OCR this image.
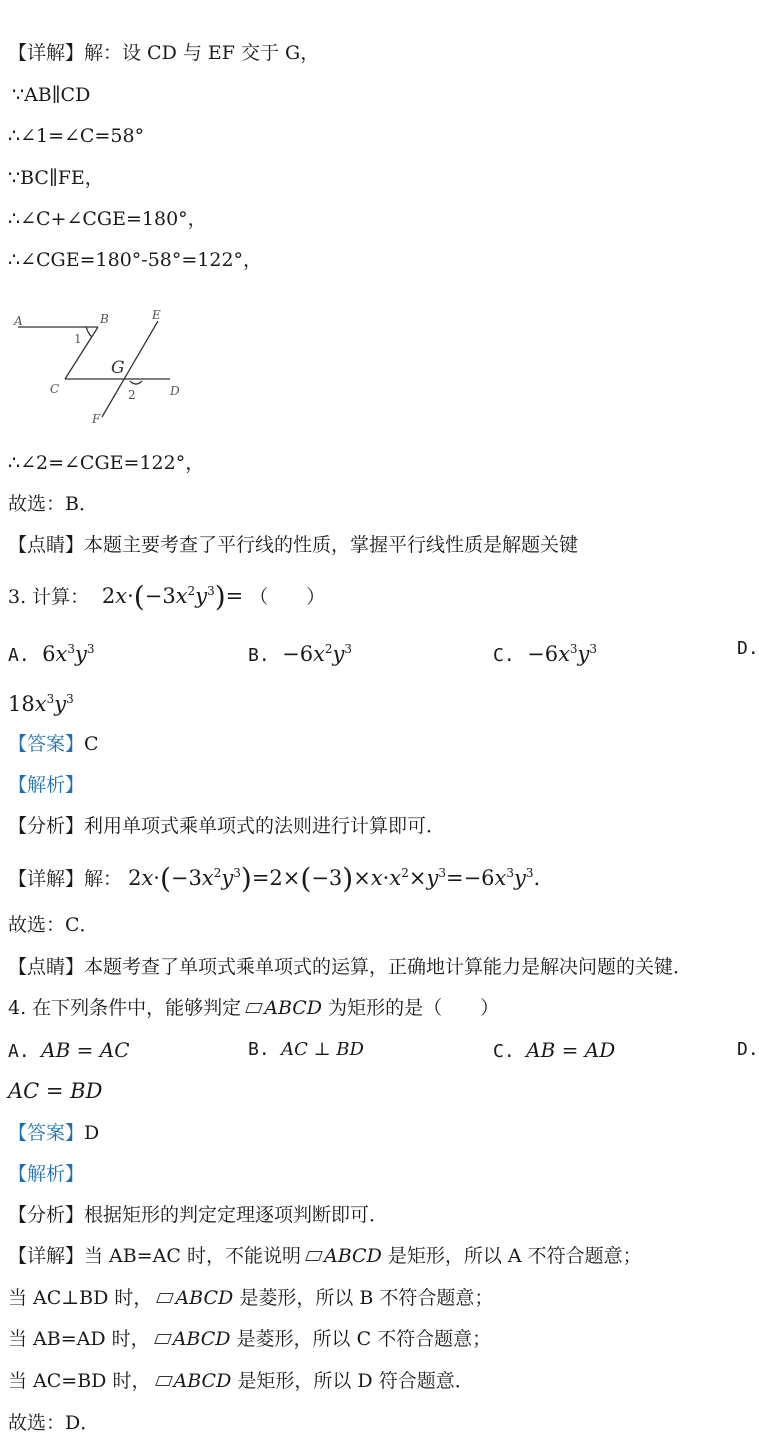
【详解】解：设 CD 与 EF 交于 G，
∵AB∥CD
∴∠1=∠C=58°
∵BC∥FE，
∴∠C+∠CGE=180°，
∴∠CGE=180°-58°=122°，
A	B	E
1
G
C	2	D
F
∴∠2=∠CGE=122°，
故选：B．
【点睛】本题主要考查了平行线的性质，掌握平行线性质是解题关键
3. 计算：  $2x\cdot(-3x^2y^3)=$ （　　）
A.  $6x^3y^3$	B.  $-6x^2y^3$	C.  $-6x^3y^3$	D.
$18x^3y^3$
【答案】C
【解析】
【分析】利用单项式乘单项式的法则进行计算即可．
【详解】解： $2x\cdot(-3x^2y^3)=2\times(-3)\times x\cdot x^2\times y^3=-6x^3y^3$.
故选：C．
【点睛】本题考查了单项式乘单项式的运算，正确地计算能力是解决问题的关键．
4. 在下列条件中，能够判定 ABCD 为矩形的是（　　）
A. AB = AC	B. AC ⊥ BD	C. AB = AD	D.
AC = BD
【答案】D
【解析】
【分析】根据矩形的判定定理逐项判断即可．
【详解】当 AB=AC 时，不能说明 ABCD 是矩形，所以 A 不符合题意；
当 AC⊥BD 时， ABCD 是菱形，所以 B 不符合题意；
当 AB=AD 时， ABCD 是菱形，所以 C 不符合题意；
当 AC=BD 时， ABCD 是矩形，所以 D 符合题意．
故选：D．
